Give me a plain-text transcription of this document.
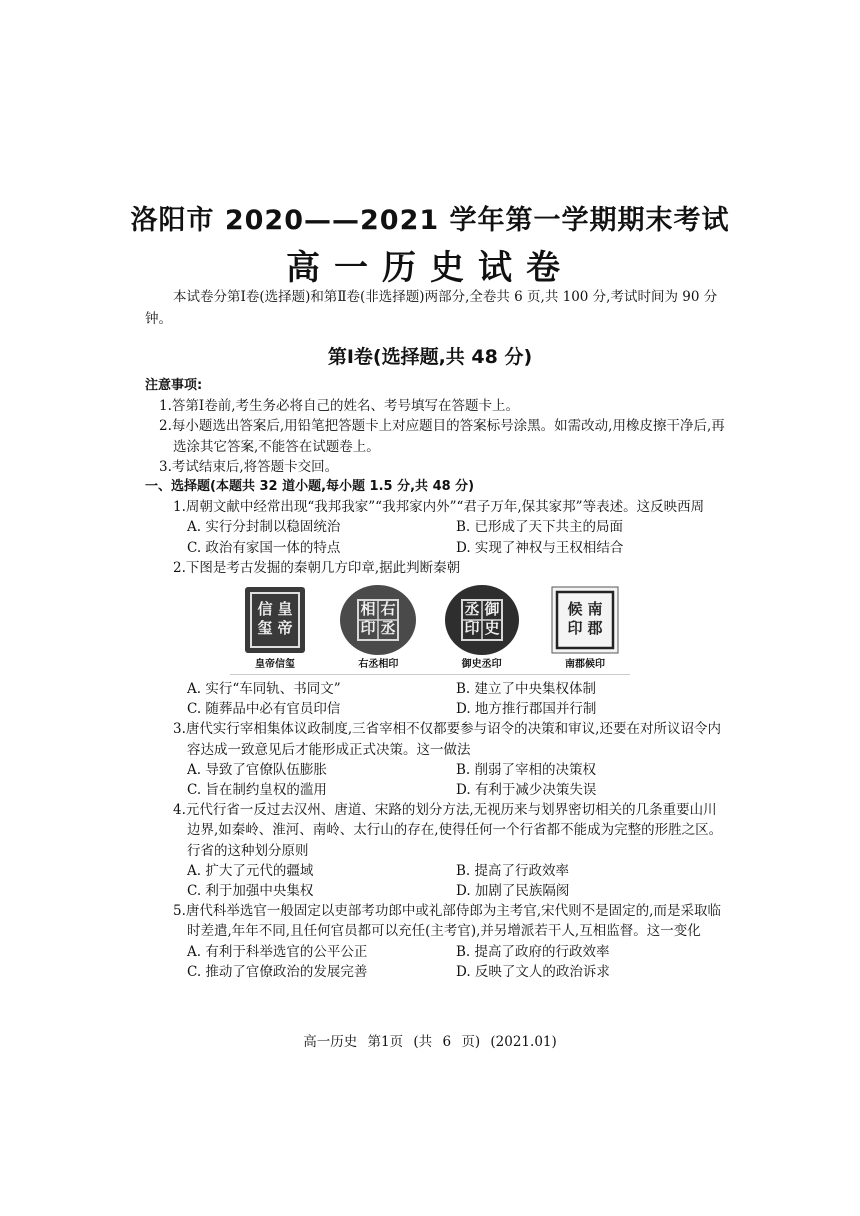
洛阳市 2020——2021 学年第一学期期末考试
高一历史试卷
本试卷分第Ⅰ卷(选择题)和第Ⅱ卷(非选择题)两部分,全卷共 6 页,共 100 分,考试时间为 90 分钟。
第Ⅰ卷(选择题,共 48 分)
注意事项:
1.答第Ⅰ卷前,考生务必将自己的姓名、考号填写在答题卡上。
2.每小题选出答案后,用铅笔把答题卡上对应题目的答案标号涂黑。如需改动,用橡皮擦干净后,再选涂其它答案,不能答在试题卷上。
3.考试结束后,将答题卡交回。
一、选择题(本题共 32 道小题,每小题 1.5 分,共 48 分)
1.周朝文献中经常出现“我邦我家”“我邦家内外”“君子万年,保其家邦”等表述。这反映西周
A. 实行分封制以稳固统治	B. 已形成了天下共主的局面
C. 政治有家国一体的特点	D. 实现了神权与王权相结合
2.下图是考古发掘的秦朝几方印章,据此判断秦朝
皇
帝
信
玺
皇帝信玺
右
丞
相
印
右丞相印
御
史
丞
印
御史丞印
南
郡
候
印
南郡候印
A. 实行“车同轨、书同文”	B. 建立了中央集权体制
C. 随葬品中必有官员印信	D. 地方推行郡国并行制
3.唐代实行宰相集体议政制度,三省宰相不仅都要参与诏令的决策和审议,还要在对所议诏令内容达成一致意见后才能形成正式决策。这一做法
A. 导致了官僚队伍膨胀	B. 削弱了宰相的决策权
C. 旨在制约皇权的滥用	D. 有利于减少决策失误
4.元代行省一反过去汉州、唐道、宋路的划分方法,无视历来与划界密切相关的几条重要山川边界,如秦岭、淮河、南岭、太行山的存在,使得任何一个行省都不能成为完整的形胜之区。行省的这种划分原则
A. 扩大了元代的疆域	B. 提高了行政效率
C. 利于加强中央集权	D. 加剧了民族隔阂
5.唐代科举选官一般固定以吏部考功郎中或礼部侍郎为主考官,宋代则不是固定的,而是采取临时差遣,年年不同,且任何官员都可以充任(主考官),并另增派若干人,互相监督。这一变化
A. 有利于科举选官的公平公正	B. 提高了政府的行政效率
C. 推动了官僚政治的发展完善	D. 反映了文人的政治诉求
高一历史 第1页 (共 6 页) (2021.01)
